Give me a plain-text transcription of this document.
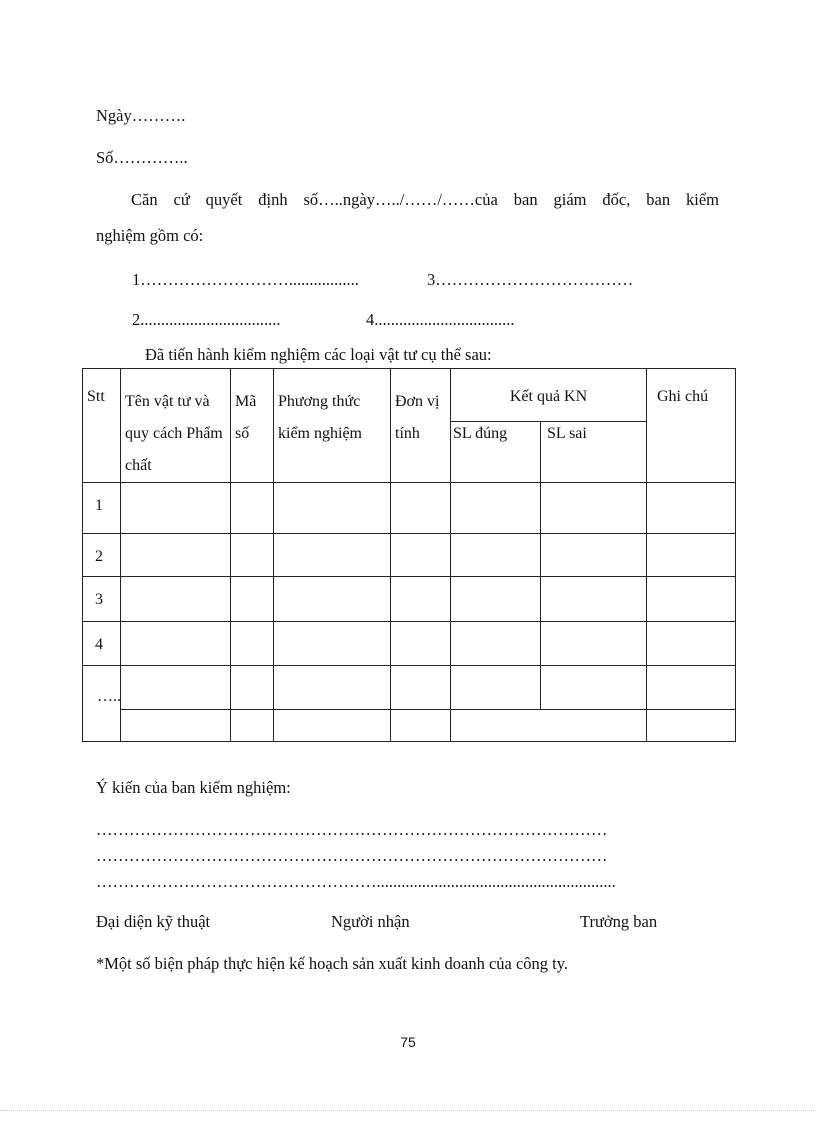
Ngày……….
Số…………..
Căn cứ quyết định số…..ngày…../……/……của ban giám đốc, ban kiểm
nghiệm gồm có:
1……………………….................	3………………………………
2..................................	4..................................
Đã tiến hành kiểm nghiệm các loại vật tư cụ thể sau:
Stt	Tên vật tư và quy cách Phẩm chất	Mã số	Phương thức kiểm nghiệm	Đơn vị tính	Kết quả KN		Ghi chú
					SL đúng	SL sai	
1							
2							
3							
4							

…..							

Ý kiến của ban kiểm nghiệm:
…………………………………………………………………………………
…………………………………………………………………………………
……………………………………………..........................................................
Đại diện kỹ thuật	Người nhận	Trưởng ban
*Một số biện pháp thực hiện kế hoạch sản xuất kinh doanh của công ty.
75
